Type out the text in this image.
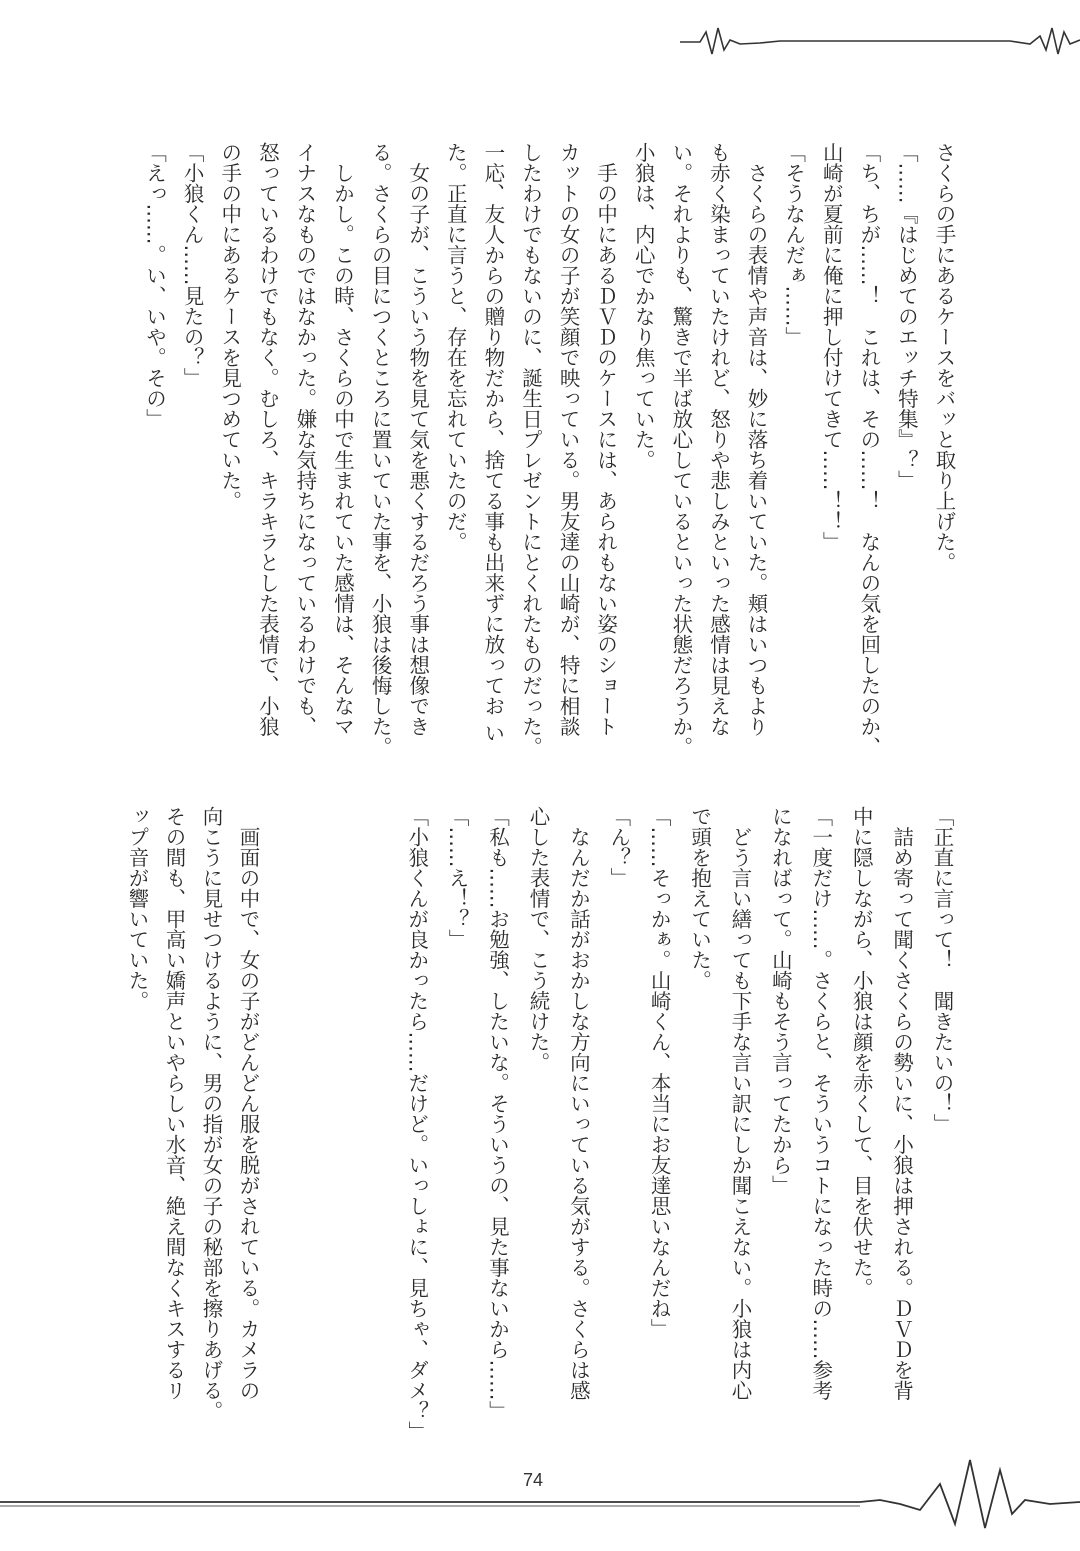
さくらの手にあるケースをバッと取り上げた。
「……『はじめてのエッチ特集』？」
「ち、ちが……！　これは、その……！　なんの気を回したのか、
山崎が夏前に俺に押し付けてきて……！！」
「そうなんだぁ……」
　さくらの表情や声音は、妙に落ち着いていた。頬はいつもより
も赤く染まっていたけれど、怒りや悲しみといった感情は見えな
い。それよりも、驚きで半ば放心しているといった状態だろうか。
小狼は、内心でかなり焦っていた。
　手の中にあるＤＶＤのケースには、あられもない姿のショート
カットの女の子が笑顔で映っている。男友達の山崎が、特に相談
したわけでもないのに、誕生日プレゼントにとくれたものだった。
一応、友人からの贈り物だから、捨てる事も出来ずに放ってお い
た。正直に言うと、存在を忘れていたのだ。
　女の子が、こういう物を見て気を悪くするだろう事は想像でき
る。さくらの目につくところに置いていた事を、小狼は後悔した。
　しかし。この時、さくらの中で生まれていた感情は、そんなマ
イナスなものではなかった。嫌な気持ちになっているわけでも、
怒っているわけでもなく。むしろ、キラキラとした表情で、小狼
の手の中にあるケースを見つめていた。
「小狼くん……見たの？」
「えっ……。い、いや。その」
「正直に言って！　聞きたいの！」
　詰め寄って聞くさくらの勢いに、小狼は押される。ＤＶＤを背
中に隠しながら、小狼は顔を赤くして、目を伏せた。
「一度だけ……。さくらと、そういうコトになった時の……参考
になればって。山崎もそう言ってたから」
　どう言い繕っても下手な言い訳にしか聞こえない。小狼は内心
で頭を抱えていた。
「……そっかぁ。山崎くん、本当にお友達思いなんだね」
「ん？」
　なんだか話がおかしな方向にいっている気がする。さくらは感
心した表情で、こう続けた。
「私も……お勉強、したいな。そういうの、見た事ないから……」
「……え！？」
「小狼くんが良かったら……だけど。いっしょに、見ちゃ、ダメ？」
　画面の中で、女の子がどんどん服を脱がされている。カメラの
向こうに見せつけるように、男の指が女の子の秘部を擦りあげる。
その間も、甲高い嬌声といやらしい水音、絶え間なくキスするリ
ップ音が響いていた。
74
